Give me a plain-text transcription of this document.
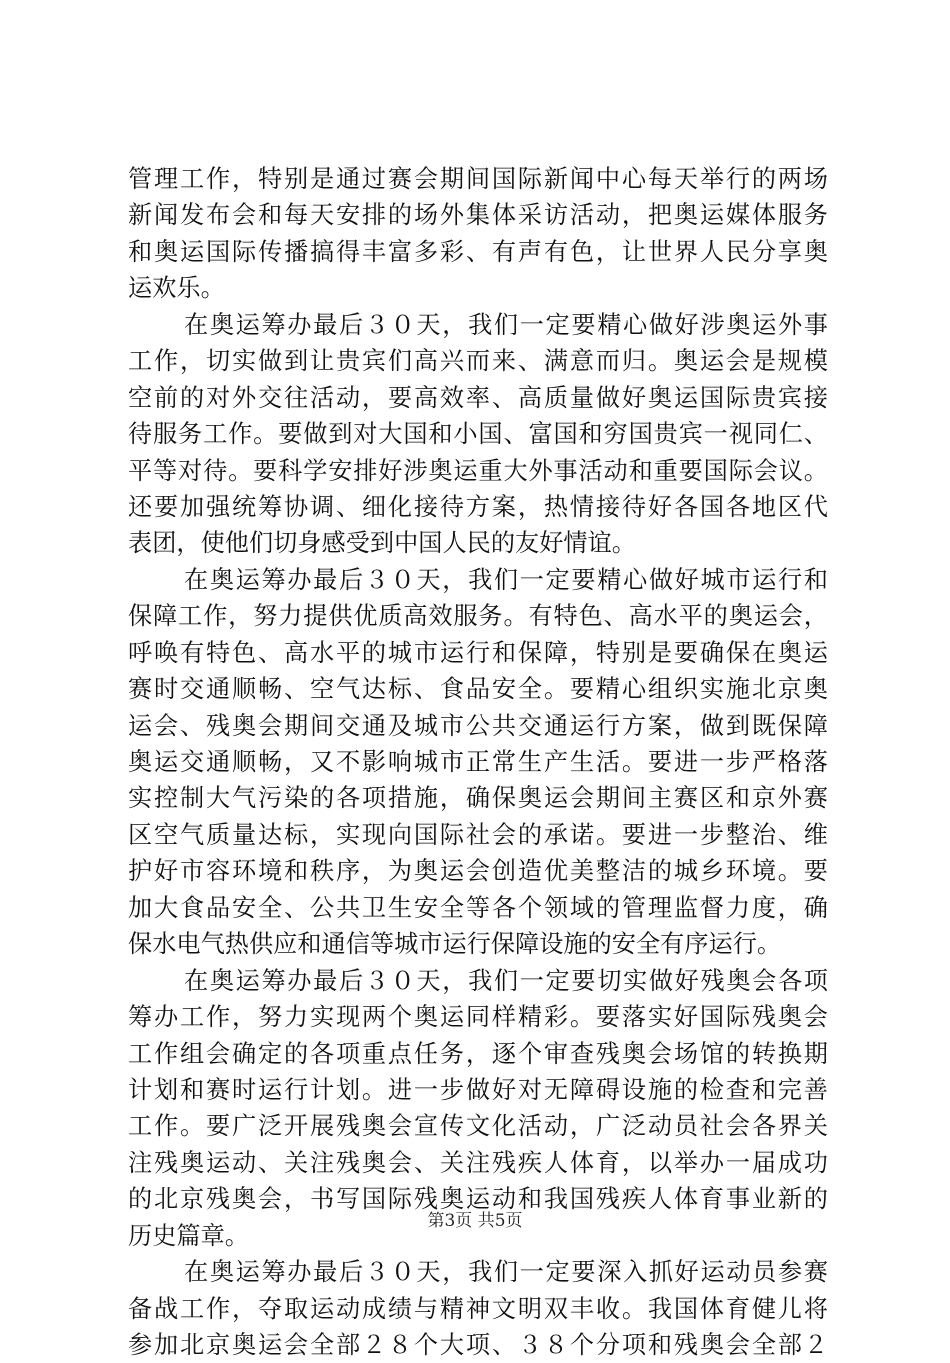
管理工作，特别是通过赛会期间国际新闻中心每天举行的两场
新闻发布会和每天安排的场外集体采访活动，把奥运媒体服务
和奥运国际传播搞得丰富多彩、有声有色，让世界人民分享奥
运欢乐。
在奥运筹办最后３０天，我们一定要精心做好涉奥运外事
工作，切实做到让贵宾们高兴而来、满意而归。奥运会是规模
空前的对外交往活动，要高效率、高质量做好奥运国际贵宾接
待服务工作。要做到对大国和小国、富国和穷国贵宾一视同仁、
平等对待。要科学安排好涉奥运重大外事活动和重要国际会议。
还要加强统筹协调、细化接待方案，热情接待好各国各地区代
表团，使他们切身感受到中国人民的友好情谊。
在奥运筹办最后３０天，我们一定要精心做好城市运行和
保障工作，努力提供优质高效服务。有特色、高水平的奥运会，
呼唤有特色、高水平的城市运行和保障，特别是要确保在奥运
赛时交通顺畅、空气达标、食品安全。要精心组织实施北京奥
运会、残奥会期间交通及城市公共交通运行方案，做到既保障
奥运交通顺畅，又不影响城市正常生产生活。要进一步严格落
实控制大气污染的各项措施，确保奥运会期间主赛区和京外赛
区空气质量达标，实现向国际社会的承诺。要进一步整治、维
护好市容环境和秩序，为奥运会创造优美整洁的城乡环境。要
加大食品安全、公共卫生安全等各个领域的管理监督力度，确
保水电气热供应和通信等城市运行保障设施的安全有序运行。
在奥运筹办最后３０天，我们一定要切实做好残奥会各项
筹办工作，努力实现两个奥运同样精彩。要落实好国际残奥会
工作组会确定的各项重点任务，逐个审查残奥会场馆的转换期
计划和赛时运行计划。进一步做好对无障碍设施的检查和完善
工作。要广泛开展残奥会宣传文化活动，广泛动员社会各界关
注残奥运动、关注残奥会、关注残疾人体育，以举办一届成功
的北京残奥会，书写国际残奥运动和我国残疾人体育事业新的
历史篇章。
在奥运筹办最后３０天，我们一定要深入抓好运动员参赛
备战工作，夺取运动成绩与精神文明双丰收。我国体育健儿将
参加北京奥运会全部２８个大项、３８个分项和残奥会全部２
第3页 共5页
